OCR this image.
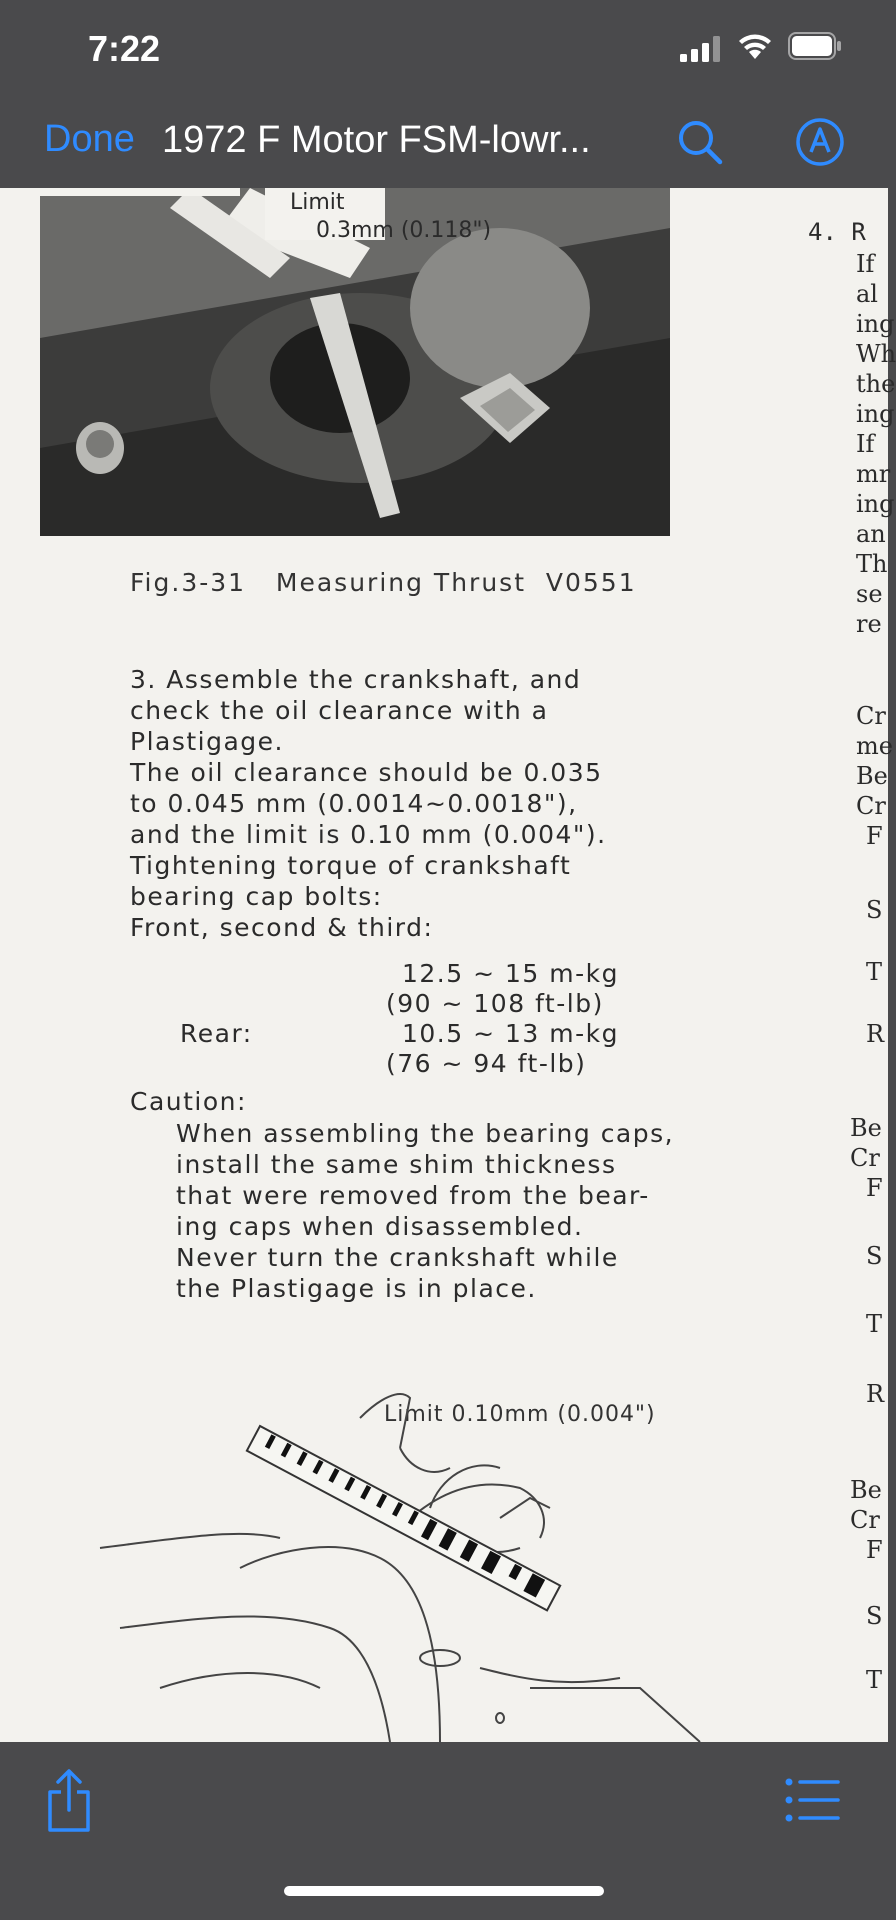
7:22
Done 1972 F Motor FSM-lowr...
Limit
0.3mm (0.118")
Fig.3-31   Measuring Thrust  V0551
3. Assemble the crankshaft, and
check the oil clearance with a
Plastigage.
The oil clearance should be 0.035
to 0.045 mm (0.0014~0.0018"),
and the limit is 0.10 mm (0.004").
Tightening torque of crankshaft
bearing cap bolts:
Front, second & third:
12.5 ~ 15 m-kg
(90 ~ 108 ft-lb)
Rear:	10.5 ~ 13 m-kg
(76 ~ 94 ft-lb)
Caution:
When assembling the bearing caps,
install the same shim thickness
that were removed from the bear-
ing caps when disassembled.
Never turn the crankshaft while
the Plastigage is in place.
Limit 0.10mm (0.004")
4. R
If
al
ing
Wh
the
ing
If
mr
ing
an
Th
se
re
Cr
me
Be
Cr
F
S
T
R
Be
Cr
F
S
T
R
Be
Cr
F
S
T
